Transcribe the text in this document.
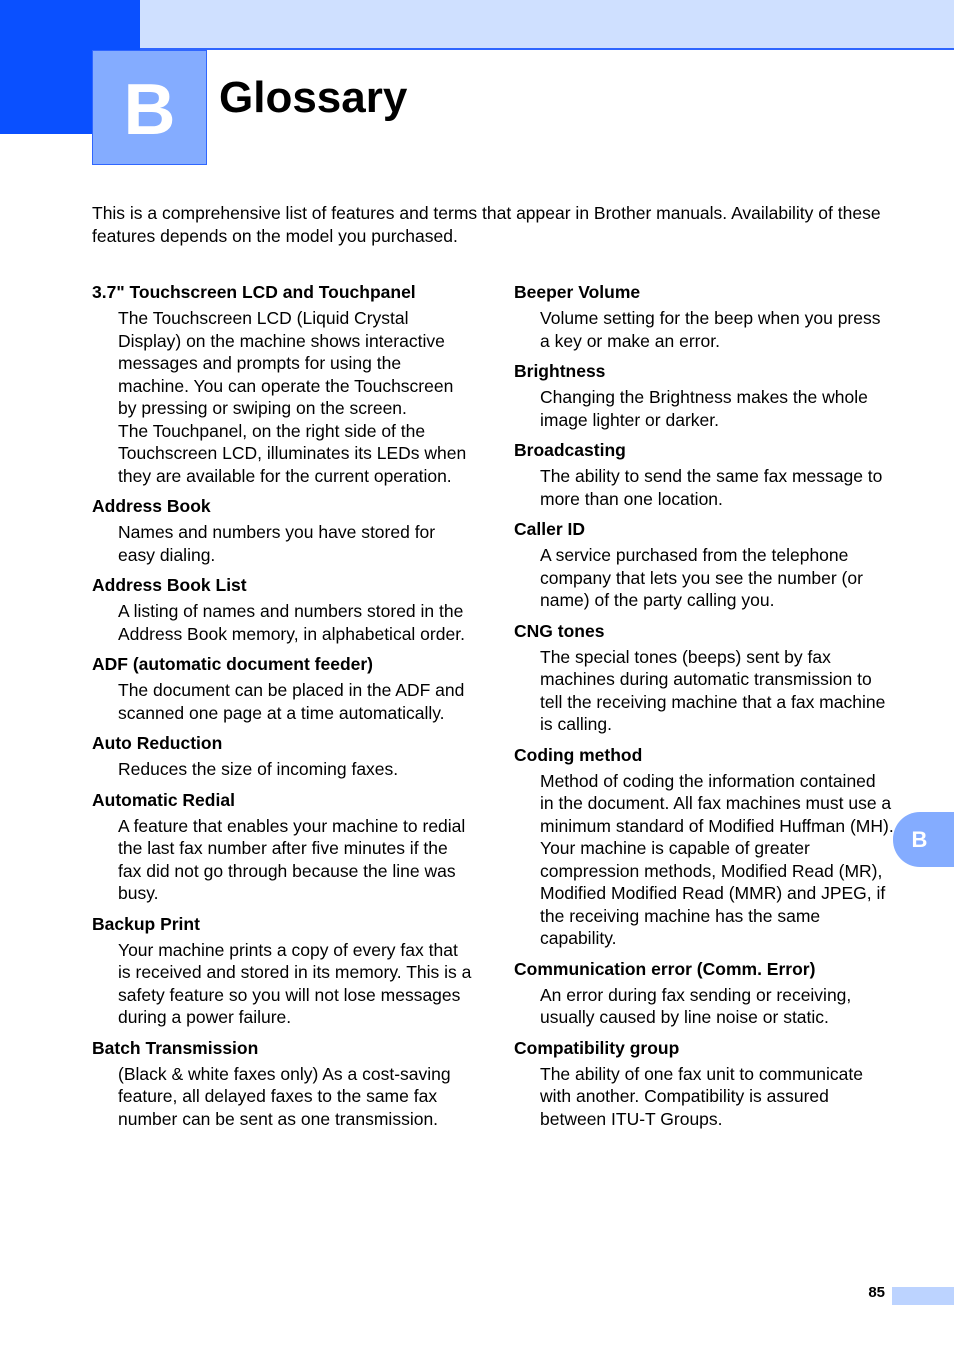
B Glossary

This is a comprehensive list of features and terms that appear in Brother manuals. Availability of these features depends on the model you purchased.

3.7" Touchscreen LCD and Touchpanel

The Touchscreen LCD (Liquid Crystal Display) on the machine shows interactive messages and prompts for using the machine. You can operate the Touchscreen by pressing or swiping on the screen.

The Touchpanel, on the right side of the Touchscreen LCD, illuminates its LEDs when they are available for the current operation.

Address Book

Names and numbers you have stored for easy dialing.

Address Book List

A listing of names and numbers stored in the Address Book memory, in alphabetical order.

ADF (automatic document feeder)

The document can be placed in the ADF and scanned one page at a time automatically.

Auto Reduction

Reduces the size of incoming faxes.

Automatic Redial

A feature that enables your machine to redial the last fax number after five minutes if the fax did not go through because the line was busy.

Backup Print

Your machine prints a copy of every fax that is received and stored in its memory. This is a safety feature so you will not lose messages during a power failure.

Batch Transmission

(Black & white faxes only) As a cost-saving feature, all delayed faxes to the same fax number can be sent as one transmission.

Beeper Volume

Volume setting for the beep when you press a key or make an error.

Brightness

Changing the Brightness makes the whole image lighter or darker.

Broadcasting

The ability to send the same fax message to more than one location.

Caller ID

A service purchased from the telephone company that lets you see the number (or name) of the party calling you.

CNG tones

The special tones (beeps) sent by fax machines during automatic transmission to tell the receiving machine that a fax machine is calling.

Coding method

Method of coding the information contained in the document. All fax machines must use a minimum standard of Modified Huffman (MH). Your machine is capable of greater compression methods, Modified Read (MR), Modified Modified Read (MMR) and JPEG, if the receiving machine has the same capability.

Communication error (Comm. Error)

An error during fax sending or receiving, usually caused by line noise or static.

Compatibility group

The ability of one fax unit to communicate with another. Compatibility is assured between ITU-T Groups.

B
85
